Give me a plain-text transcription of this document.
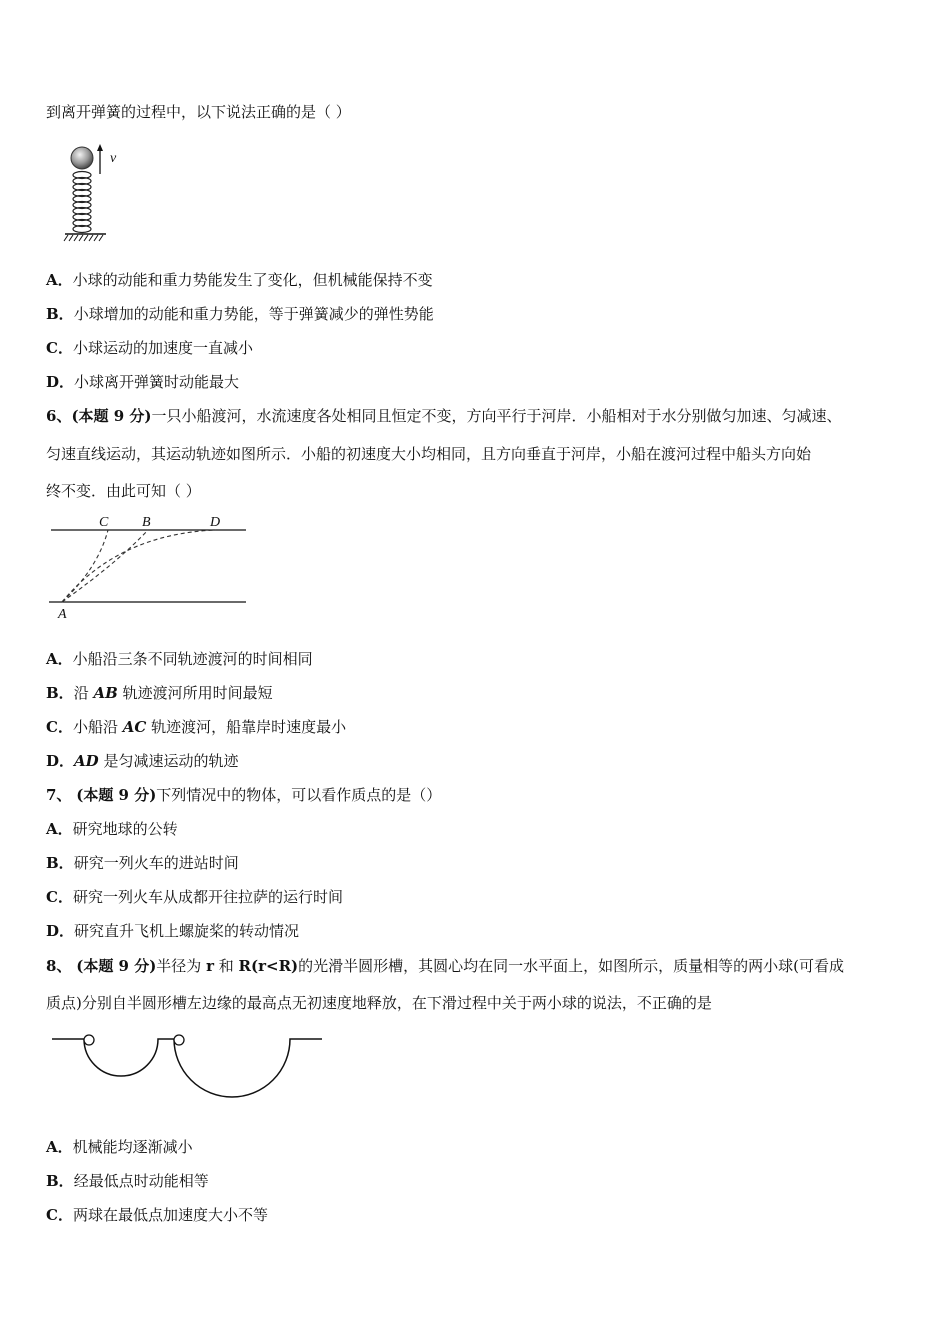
到离开弹簧的过程中，以下说法正确的是（ ）
v
A．小球的动能和重力势能发生了变化，但机械能保持不变
B．小球增加的动能和重力势能，等于弹簧减少的弹性势能
C．小球运动的加速度一直减小
D．小球离开弹簧时动能最大
6、(本题 9 分)一只小船渡河，水流速度各处相同且恒定不变，方向平行于河岸．小船相对于水分别做匀加速、匀减速、
匀速直线运动，其运动轨迹如图所示．小船的初速度大小均相同，且方向垂直于河岸，小船在渡河过程中船头方向始
终不变．由此可知（ ）
C B	D
A
A．小船沿三条不同轨迹渡河的时间相同
B．沿 AB 轨迹渡河所用时间最短
C．小船沿 AC 轨迹渡河，船靠岸时速度最小
D．AD 是匀减速运动的轨迹
7、 (本题 9 分)下列情况中的物体，可以看作质点的是（）
A．研究地球的公转
B．研究一列火车的进站时间
C．研究一列火车从成都开往拉萨的运行时间
D．研究直升飞机上螺旋桨的转动情况
8、 (本题 9 分)半径为 r 和 R(r<R)的光滑半圆形槽，其圆心均在同一水平面上，如图所示，质量相等的两小球(可看成
质点)分别自半圆形槽左边缘的最高点无初速度地释放，在下滑过程中关于两小球的说法，不正确的是
A．机械能均逐渐减小
B．经最低点时动能相等
C．两球在最低点加速度大小不等
